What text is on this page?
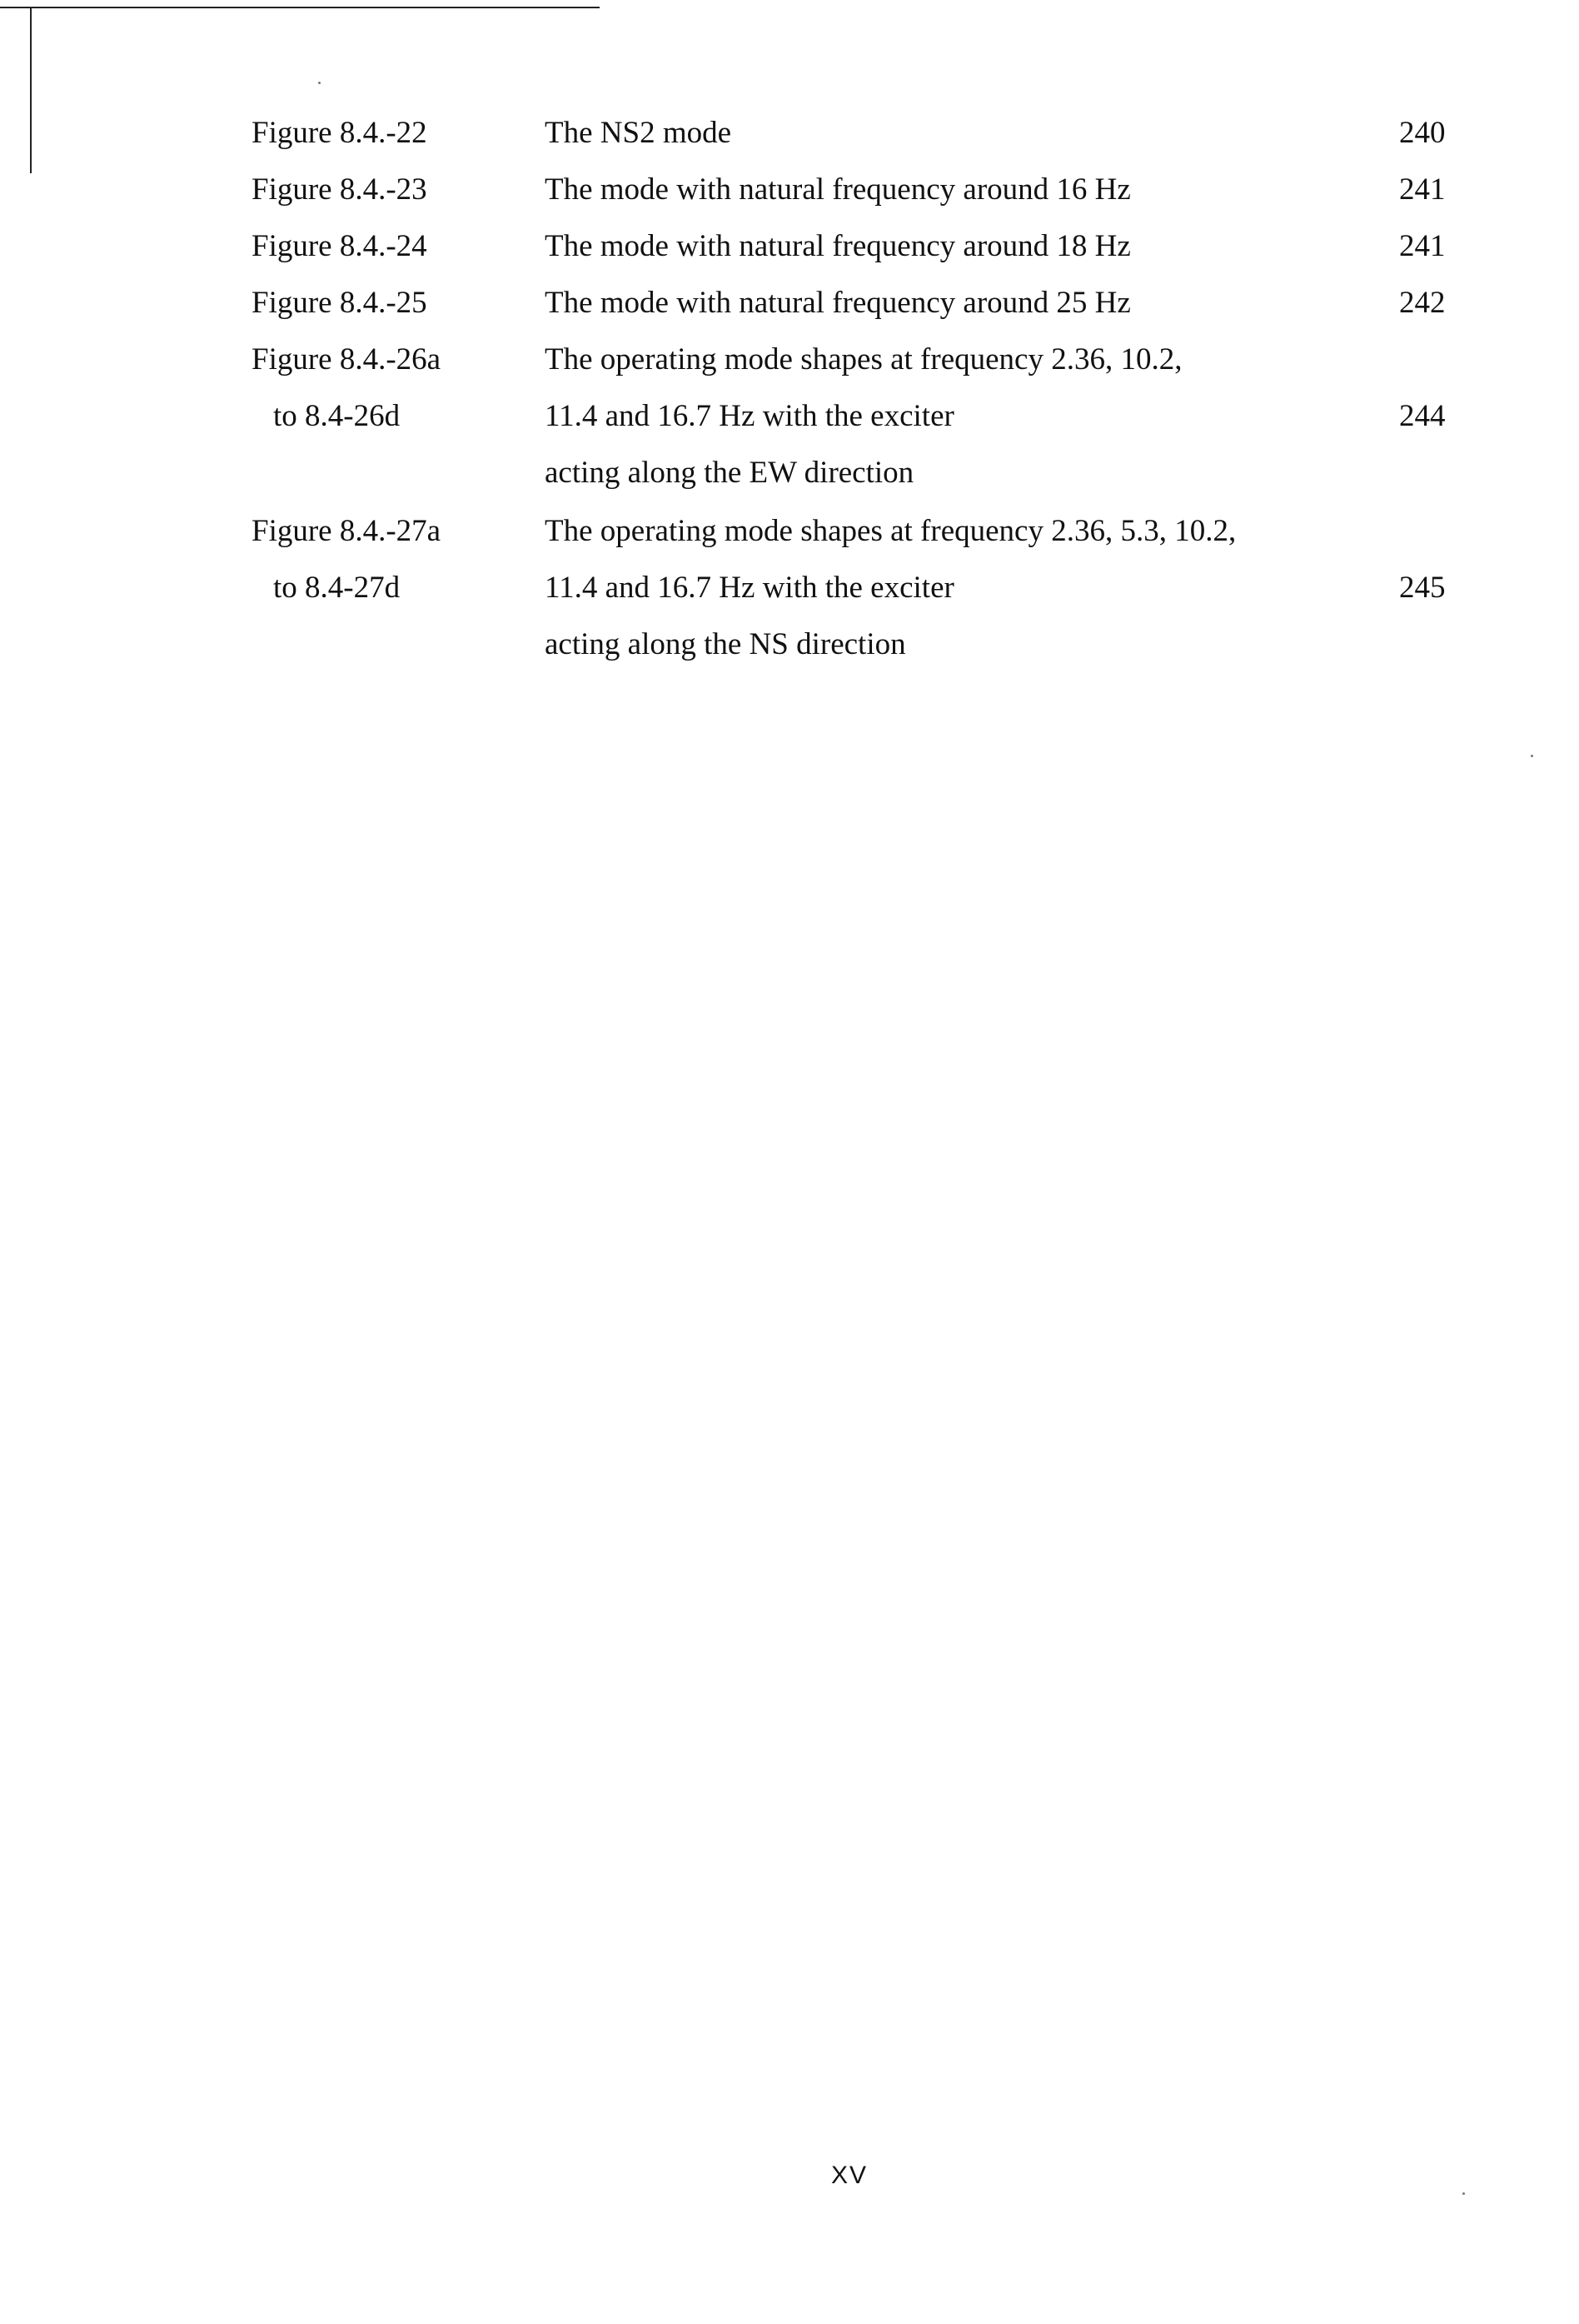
Figure 8.4.-22	The NS2 mode	240
Figure 8.4.-23	The mode with natural frequency around 16 Hz	241
Figure 8.4.-24	The mode with natural frequency around 18 Hz	241
Figure 8.4.-25	The mode with natural frequency around 25 Hz	242
Figure 8.4.-26a	The operating mode shapes at frequency 2.36, 10.2,
to 8.4-26d	11.4 and 16.7 Hz with the exciter	244
acting along the EW direction
Figure 8.4.-27a	The operating mode shapes at frequency 2.36, 5.3, 10.2,
to 8.4-27d	11.4 and 16.7 Hz with the exciter	245
acting along the NS direction
XV
